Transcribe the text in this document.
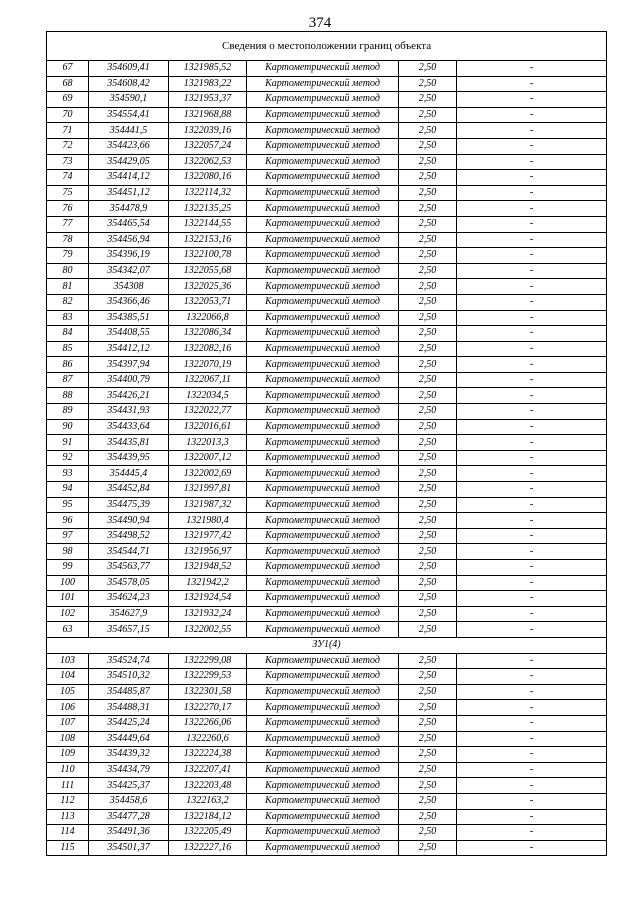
374
Сведения о местоположении границ объекта					
67	354609,41	1321985,52	Картометрический метод	2,50	-
68	354608,42	1321983,22	Картометрический метод	2,50	-
69	354590,1	1321953,37	Картометрический метод	2,50	-
70	354554,41	1321968,88	Картометрический метод	2,50	-
71	354441,5	1322039,16	Картометрический метод	2,50	-
72	354423,66	1322057,24	Картометрический метод	2,50	-
73	354429,05	1322062,53	Картометрический метод	2,50	-
74	354414,12	1322080,16	Картометрический метод	2,50	-
75	354451,12	1322114,32	Картометрический метод	2,50	-
76	354478,9	1322135,25	Картометрический метод	2,50	-
77	354465,54	1322144,55	Картометрический метод	2,50	-
78	354456,94	1322153,16	Картометрический метод	2,50	-
79	354396,19	1322100,78	Картометрический метод	2,50	-
80	354342,07	1322055,68	Картометрический метод	2,50	-
81	354308	1322025,36	Картометрический метод	2,50	-
82	354366,46	1322053,71	Картометрический метод	2,50	-
83	354385,51	1322066,8	Картометрический метод	2,50	-
84	354408,55	1322086,34	Картометрический метод	2,50	-
85	354412,12	1322082,16	Картометрический метод	2,50	-
86	354397,94	1322070,19	Картометрический метод	2,50	-
87	354400,79	1322067,11	Картометрический метод	2,50	-
88	354426,21	1322034,5	Картометрический метод	2,50	-
89	354431,93	1322022,77	Картометрический метод	2,50	-
90	354433,64	1322016,61	Картометрический метод	2,50	-
91	354435,81	1322013,3	Картометрический метод	2,50	-
92	354439,95	1322007,12	Картометрический метод	2,50	-
93	354445,4	1322002,69	Картометрический метод	2,50	-
94	354452,84	1321997,81	Картометрический метод	2,50	-
95	354475,39	1321987,32	Картометрический метод	2,50	-
96	354490,94	1321980,4	Картометрический метод	2,50	-
97	354498,52	1321977,42	Картометрический метод	2,50	-
98	354544,71	1321956,97	Картометрический метод	2,50	-
99	354563,77	1321948,52	Картометрический метод	2,50	-
100	354578,05	1321942,2	Картометрический метод	2,50	-
101	354624,23	1321924,54	Картометрический метод	2,50	-
102	354627,9	1321932,24	Картометрический метод	2,50	-
63	354657,15	1322002,55	Картометрический метод	2,50	-
ЗУ1(4)					
103	354524,74	1322299,08	Картометрический метод	2,50	-
104	354510,32	1322299,53	Картометрический метод	2,50	-
105	354485,87	1322301,58	Картометрический метод	2,50	-
106	354488,31	1322270,17	Картометрический метод	2,50	-
107	354425,24	1322266,06	Картометрический метод	2,50	-
108	354449,64	1322260,6	Картометрический метод	2,50	-
109	354439,32	1322224,38	Картометрический метод	2,50	-
110	354434,79	1322207,41	Картометрический метод	2,50	-
111	354425,37	1322203,48	Картометрический метод	2,50	-
112	354458,6	1322163,2	Картометрический метод	2,50	-
113	354477,28	1322184,12	Картометрический метод	2,50	-
114	354491,36	1322205,49	Картометрический метод	2,50	-
115	354501,37	1322227,16	Картометрический метод	2,50	-
